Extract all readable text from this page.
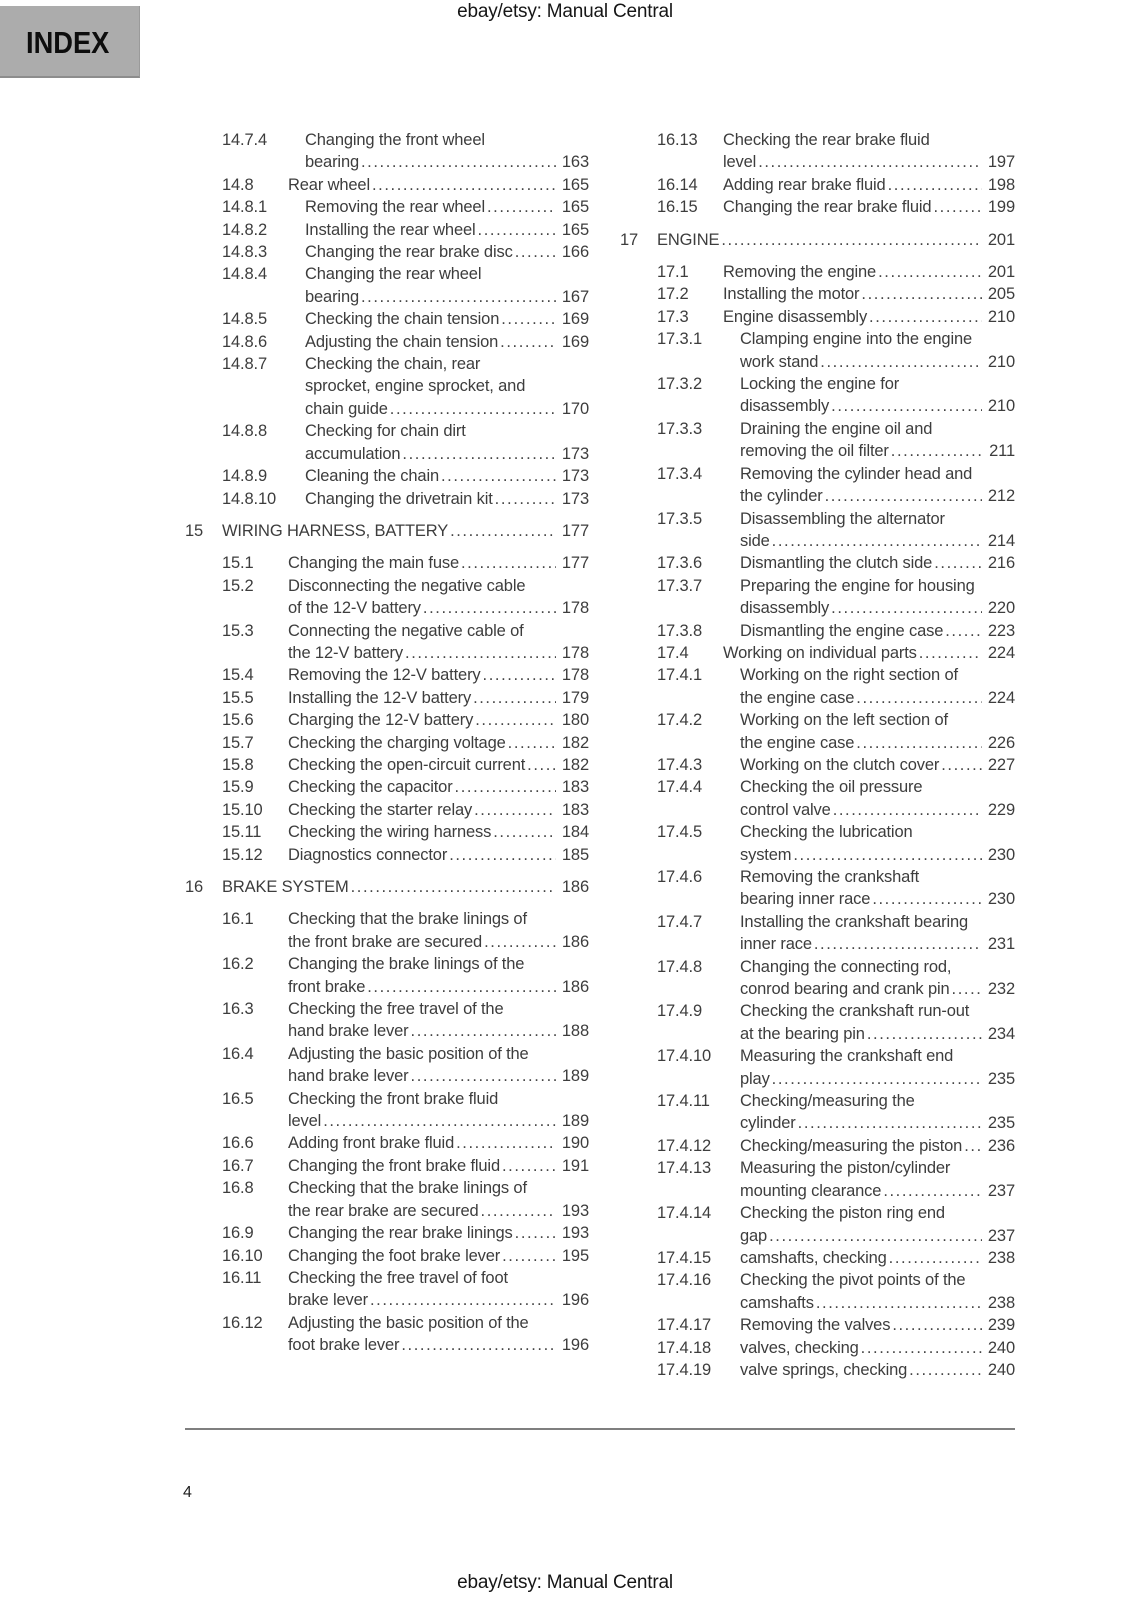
ebay/etsy: Manual Central
INDEX
14.7.4	Changing the front wheel
bearing .....	163
14.8	Rear wheel .....	165
14.8.1	Removing the rear wheel .....	165
14.8.2	Installing the rear wheel .....	165
14.8.3	Changing the rear brake disc .....	166
14.8.4	Changing the rear wheel
bearing .....	167
14.8.5	Checking the chain tension .....	169
14.8.6	Adjusting the chain tension .....	169
14.8.7	Checking the chain, rear
sprocket, engine sprocket, and
chain guide .....	170
14.8.8	Checking for chain dirt
accumulation .....	173
14.8.9	Cleaning the chain .....	173
14.8.10	Changing the drivetrain kit .....	173
15	WIRING HARNESS, BATTERY .....	177
15.1	Changing the main fuse .....	177
15.2	Disconnecting the negative cable
of the 12-V battery .....	178
15.3	Connecting the negative cable of
the 12-V battery .....	178
15.4	Removing the 12-V battery .....	178
15.5	Installing the 12-V battery .....	179
15.6	Charging the 12-V battery .....	180
15.7	Checking the charging voltage .....	182
15.8	Checking the open-circuit current .....	182
15.9	Checking the capacitor .....	183
15.10	Checking the starter relay .....	183
15.11	Checking the wiring harness .....	184
15.12	Diagnostics connector .....	185
16	BRAKE SYSTEM .....	186
16.1	Checking that the brake linings of
the front brake are secured .....	186
16.2	Changing the brake linings of the
front brake .....	186
16.3	Checking the free travel of the
hand brake lever .....	188
16.4	Adjusting the basic position of the
hand brake lever .....	189
16.5	Checking the front brake fluid
level .....	189
16.6	Adding front brake fluid .....	190
16.7	Changing the front brake fluid .....	191
16.8	Checking that the brake linings of
the rear brake are secured .....	193
16.9	Changing the rear brake linings .....	193
16.10	Changing the foot brake lever .....	195
16.11	Checking the free travel of foot
brake lever .....	196
16.12	Adjusting the basic position of the
foot brake lever .....	196
16.13	Checking the rear brake fluid
level .....	197
16.14	Adding rear brake fluid .....	198
16.15	Changing the rear brake fluid .....	199
17	ENGINE .....	201
17.1	Removing the engine .....	201
17.2	Installing the motor .....	205
17.3	Engine disassembly .....	210
17.3.1	Clamping engine into the engine
work stand .....	210
17.3.2	Locking the engine for
disassembly .....	210
17.3.3	Draining the engine oil and
removing the oil filter .....	211
17.3.4	Removing the cylinder head and
the cylinder .....	212
17.3.5	Disassembling the alternator
side .....	214
17.3.6	Dismantling the clutch side .....	216
17.3.7	Preparing the engine for housing
disassembly .....	220
17.3.8	Dismantling the engine case .....	223
17.4	Working on individual parts .....	224
17.4.1	Working on the right section of
the engine case .....	224
17.4.2	Working on the left section of
the engine case .....	226
17.4.3	Working on the clutch cover .....	227
17.4.4	Checking the oil pressure
control valve .....	229
17.4.5	Checking the lubrication
system .....	230
17.4.6	Removing the crankshaft
bearing inner race .....	230
17.4.7	Installing the crankshaft bearing
inner race .....	231
17.4.8	Changing the connecting rod,
conrod bearing and crank pin .....	232
17.4.9	Checking the crankshaft run-out
at the bearing pin .....	234
17.4.10	Measuring the crankshaft end
play .....	235
17.4.11	Checking/measuring the
cylinder .....	235
17.4.12	Checking/measuring the piston .....	236
17.4.13	Measuring the piston/cylinder
mounting clearance .....	237
17.4.14	Checking the piston ring end
gap .....	237
17.4.15	camshafts, checking .....	238
17.4.16	Checking the pivot points of the
camshafts .....	238
17.4.17	Removing the valves .....	239
17.4.18	valves, checking .....	240
17.4.19	valve springs, checking .....	240
4
ebay/etsy: Manual Central
